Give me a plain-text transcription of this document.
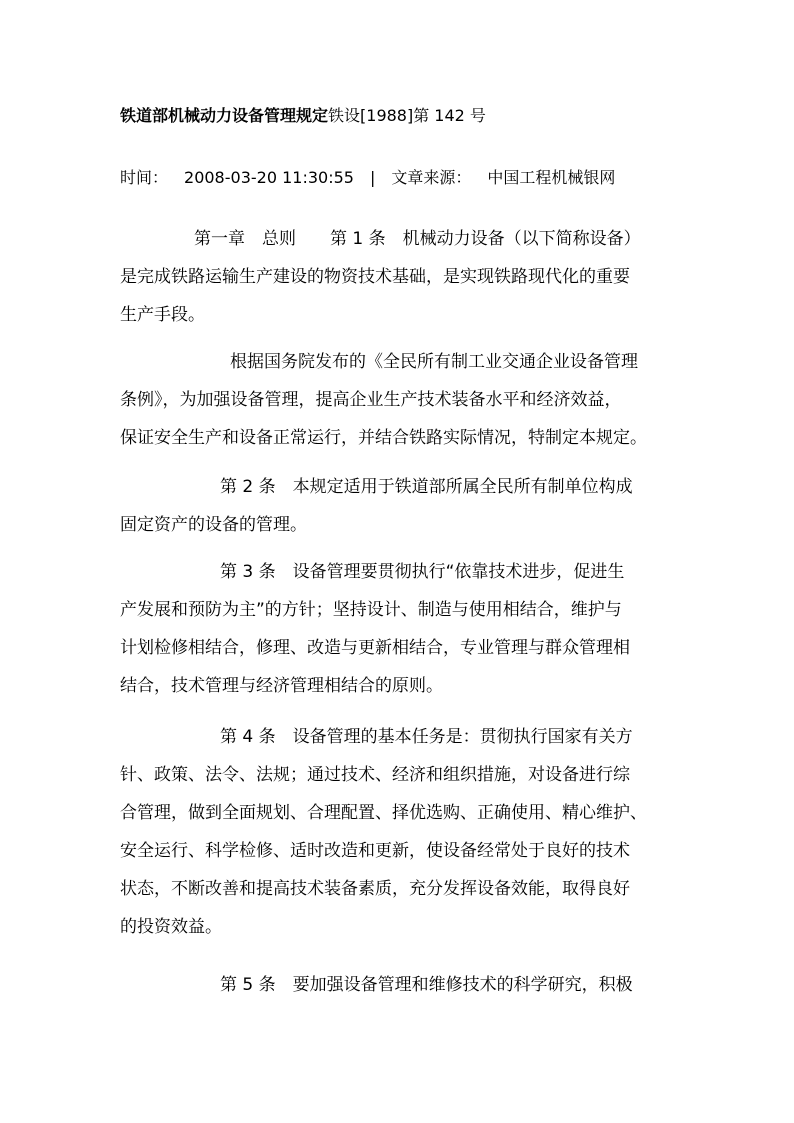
铁道部机械动力设备管理规定铁设[1988]第 142 号
时间： 2008-03-20 11:30:55 | 文章来源： 中国工程机械银网
第一章　总则　　第 1 条　机械动力设备（以下简称设备）
是完成铁路运输生产建设的物资技术基础，是实现铁路现代化的重要
生产手段。
根据国务院发布的《全民所有制工业交通企业设备管理
条例》，为加强设备管理，提高企业生产技术装备水平和经济效益，
保证安全生产和设备正常运行，并结合铁路实际情况，特制定本规定。
第 2 条　本规定适用于铁道部所属全民所有制单位构成
固定资产的设备的管理。
第 3 条　设备管理要贯彻执行“依靠技术进步，促进生
产发展和预防为主”的方针；坚持设计、制造与使用相结合，维护与
计划检修相结合，修理、改造与更新相结合，专业管理与群众管理相
结合，技术管理与经济管理相结合的原则。
第 4 条　设备管理的基本任务是：贯彻执行国家有关方
针、政策、法令、法规；通过技术、经济和组织措施，对设备进行综
合管理，做到全面规划、合理配置、择优选购、正确使用、精心维护、
安全运行、科学检修、适时改造和更新，使设备经常处于良好的技术
状态，不断改善和提高技术装备素质，充分发挥设备效能，取得良好
的投资效益。
第 5 条　要加强设备管理和维修技术的科学研究，积极
